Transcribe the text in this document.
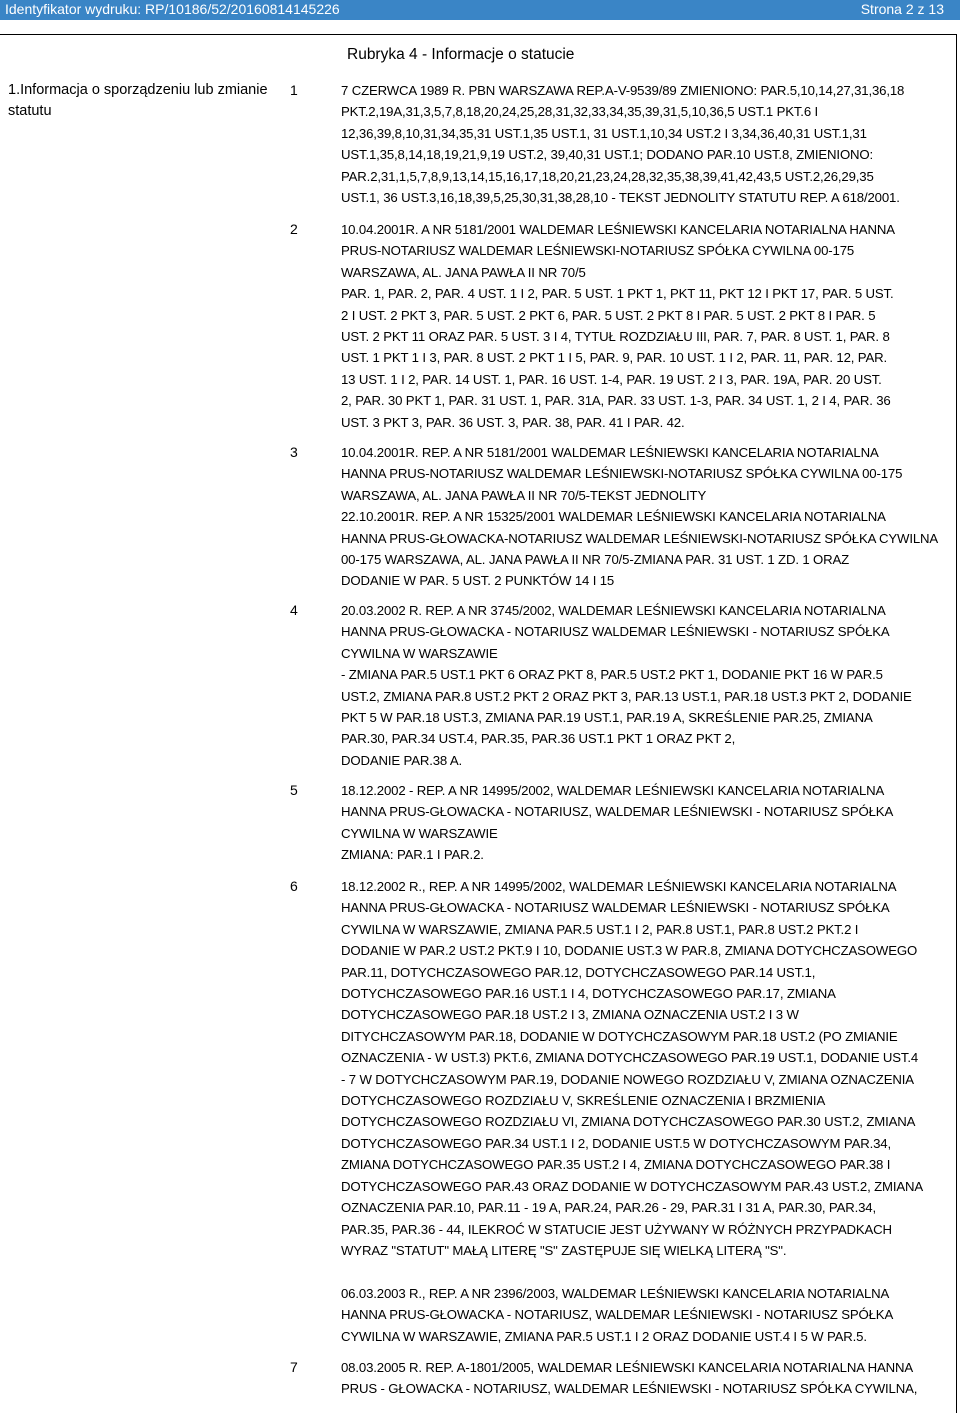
Identyfikator wydruku: RP/10186/52/20160814145226	Strona 2 z 13
Rubryka 4 - Informacje o statucie
1.Informacja o sporządzeniu lub zmianie statutu
1	7 CZERWCA 1989 R. PBN WARSZAWA REP.A-V-9539/89 ZMIENIONO: PAR.5,10,14,27,31,36,18
PKT.2,19A,31,3,5,7,8,18,20,24,25,28,31,32,33,34,35,39,31,5,10,36,5 UST.1 PKT.6 I
12,36,39,8,10,31,34,35,31 UST.1,35 UST.1, 31 UST.1,10,34 UST.2 I 3,34,36,40,31 UST.1,31
UST.1,35,8,14,18,19,21,9,19 UST.2, 39,40,31 UST.1; DODANO PAR.10 UST.8, ZMIENIONO:
PAR.2,31,1,5,7,8,9,13,14,15,16,17,18,20,21,23,24,28,32,35,38,39,41,42,43,5 UST.2,26,29,35
UST.1, 36 UST.3,16,18,39,5,25,30,31,38,28,10 - TEKST JEDNOLITY STATUTU REP. A 618/2001.
2	10.04.2001R. A NR 5181/2001 WALDEMAR LEŚNIEWSKI KANCELARIA NOTARIALNA HANNA
PRUS-NOTARIUSZ WALDEMAR LEŚNIEWSKI-NOTARIUSZ SPÓŁKA CYWILNA 00-175
WARSZAWA, AL. JANA PAWŁA II NR 70/5
PAR. 1, PAR. 2, PAR. 4 UST. 1 I 2, PAR. 5 UST. 1 PKT 1, PKT 11, PKT 12 I PKT 17, PAR. 5 UST.
2 I UST. 2 PKT 3, PAR. 5 UST. 2 PKT 6, PAR. 5 UST. 2 PKT 8 I PAR. 5 UST. 2 PKT 8 I PAR. 5
UST. 2 PKT 11 ORAZ PAR. 5 UST. 3 I 4, TYTUŁ ROZDZIAŁU III, PAR. 7, PAR. 8 UST. 1, PAR. 8
UST. 1 PKT 1 I 3, PAR. 8 UST. 2 PKT 1 I 5, PAR. 9, PAR. 10 UST. 1 I 2, PAR. 11, PAR. 12, PAR.
13 UST. 1 I 2, PAR. 14 UST. 1, PAR. 16 UST. 1-4, PAR. 19 UST. 2 I 3, PAR. 19A, PAR. 20 UST.
2, PAR. 30 PKT 1, PAR. 31 UST. 1, PAR. 31A, PAR. 33 UST. 1-3, PAR. 34 UST. 1, 2 I 4, PAR. 36
UST. 3 PKT 3, PAR. 36 UST. 3, PAR. 38, PAR. 41 I PAR. 42.
3	10.04.2001R. REP. A NR 5181/2001 WALDEMAR LEŚNIEWSKI KANCELARIA NOTARIALNA
HANNA PRUS-NOTARIUSZ WALDEMAR LEŚNIEWSKI-NOTARIUSZ SPÓŁKA CYWILNA 00-175
WARSZAWA, AL. JANA PAWŁA II NR 70/5-TEKST JEDNOLITY
22.10.2001R. REP. A NR 15325/2001 WALDEMAR LEŚNIEWSKI KANCELARIA NOTARIALNA
HANNA PRUS-GŁOWACKA-NOTARIUSZ WALDEMAR LEŚNIEWSKI-NOTARIUSZ SPÓŁKA CYWILNA
00-175 WARSZAWA, AL. JANA PAWŁA II NR 70/5-ZMIANA PAR. 31 UST. 1 ZD. 1 ORAZ
DODANIE W PAR. 5 UST. 2 PUNKTÓW 14 I 15
4	20.03.2002 R. REP. A NR 3745/2002, WALDEMAR LEŚNIEWSKI KANCELARIA NOTARIALNA
HANNA PRUS-GŁOWACKA - NOTARIUSZ WALDEMAR LEŚNIEWSKI - NOTARIUSZ SPÓŁKA
CYWILNA W WARSZAWIE
- ZMIANA PAR.5 UST.1 PKT 6 ORAZ PKT 8, PAR.5 UST.2 PKT 1, DODANIE PKT 16 W PAR.5
UST.2, ZMIANA PAR.8 UST.2 PKT 2 ORAZ PKT 3, PAR.13 UST.1, PAR.18 UST.3 PKT 2, DODANIE
PKT 5 W PAR.18 UST.3, ZMIANA PAR.19 UST.1, PAR.19 A, SKREŚLENIE PAR.25, ZMIANA
PAR.30, PAR.34 UST.4, PAR.35, PAR.36 UST.1 PKT 1 ORAZ PKT 2,
DODANIE PAR.38 A.
5	18.12.2002 - REP. A NR 14995/2002, WALDEMAR LEŚNIEWSKI KANCELARIA NOTARIALNA
HANNA PRUS-GŁOWACKA - NOTARIUSZ, WALDEMAR LEŚNIEWSKI - NOTARIUSZ SPÓŁKA
CYWILNA W WARSZAWIE
ZMIANA: PAR.1 I PAR.2.
6	18.12.2002 R., REP. A NR 14995/2002, WALDEMAR LEŚNIEWSKI KANCELARIA NOTARIALNA
HANNA PRUS-GŁOWACKA - NOTARIUSZ WALDEMAR LEŚNIEWSKI - NOTARIUSZ SPÓŁKA
CYWILNA W WARSZAWIE, ZMIANA PAR.5 UST.1 I 2, PAR.8 UST.1, PAR.8 UST.2 PKT.2 I
DODANIE W PAR.2 UST.2 PKT.9 I 10, DODANIE UST.3 W PAR.8, ZMIANA DOTYCHCZASOWEGO
PAR.11, DOTYCHCZASOWEGO PAR.12, DOTYCHCZASOWEGO PAR.14 UST.1,
DOTYCHCZASOWEGO PAR.16 UST.1 I 4, DOTYCHCZASOWEGO PAR.17, ZMIANA
DOTYCHCZASOWEGO PAR.18 UST.2 I 3, ZMIANA OZNACZENIA UST.2 I 3 W
DITYCHCZASOWYM PAR.18, DODANIE W DOTYCHCZASOWYM PAR.18 UST.2 (PO ZMIANIE
OZNACZENIA - W UST.3) PKT.6, ZMIANA DOTYCHCZASOWEGO PAR.19 UST.1, DODANIE UST.4
- 7 W DOTYCHCZASOWYM PAR.19, DODANIE NOWEGO ROZDZIAŁU V, ZMIANA OZNACZENIA
DOTYCHCZASOWEGO ROZDZIAŁU V, SKREŚLENIE OZNACZENIA I BRZMIENIA
DOTYCHCZASOWEGO ROZDZIAŁU VI, ZMIANA DOTYCHCZASOWEGO PAR.30 UST.2, ZMIANA
DOTYCHCZASOWEGO PAR.34 UST.1 I 2, DODANIE UST.5 W DOTYCHCZASOWYM PAR.34,
ZMIANA DOTYCHCZASOWEGO PAR.35 UST.2 I 4, ZMIANA DOTYCHCZASOWEGO PAR.38 I
DOTYCHCZASOWEGO PAR.43 ORAZ DODANIE W DOTYCHCZASOWYM PAR.43 UST.2, ZMIANA
OZNACZENIA PAR.10, PAR.11 - 19 A, PAR.24, PAR.26 - 29, PAR.31 I 31 A, PAR.30, PAR.34,
PAR.35, PAR.36 - 44, ILEKROĆ W STATUCIE JEST UŻYWANY W RÓŻNYCH PRZYPADKACH
WYRAZ "STATUT" MAŁĄ LITERĘ "S" ZASTĘPUJE SIĘ WIELKĄ LITERĄ "S".

06.03.2003 R., REP. A NR 2396/2003, WALDEMAR LEŚNIEWSKI KANCELARIA NOTARIALNA
HANNA PRUS-GŁOWACKA - NOTARIUSZ, WALDEMAR LEŚNIEWSKI - NOTARIUSZ SPÓŁKA
CYWILNA W WARSZAWIE, ZMIANA PAR.5 UST.1 I 2 ORAZ DODANIE UST.4 I 5 W PAR.5.
7	08.03.2005 R. REP. A-1801/2005, WALDEMAR LEŚNIEWSKI KANCELARIA NOTARIALNA HANNA
PRUS - GŁOWACKA - NOTARIUSZ, WALDEMAR LEŚNIEWSKI - NOTARIUSZ SPÓŁKA CYWILNA,
